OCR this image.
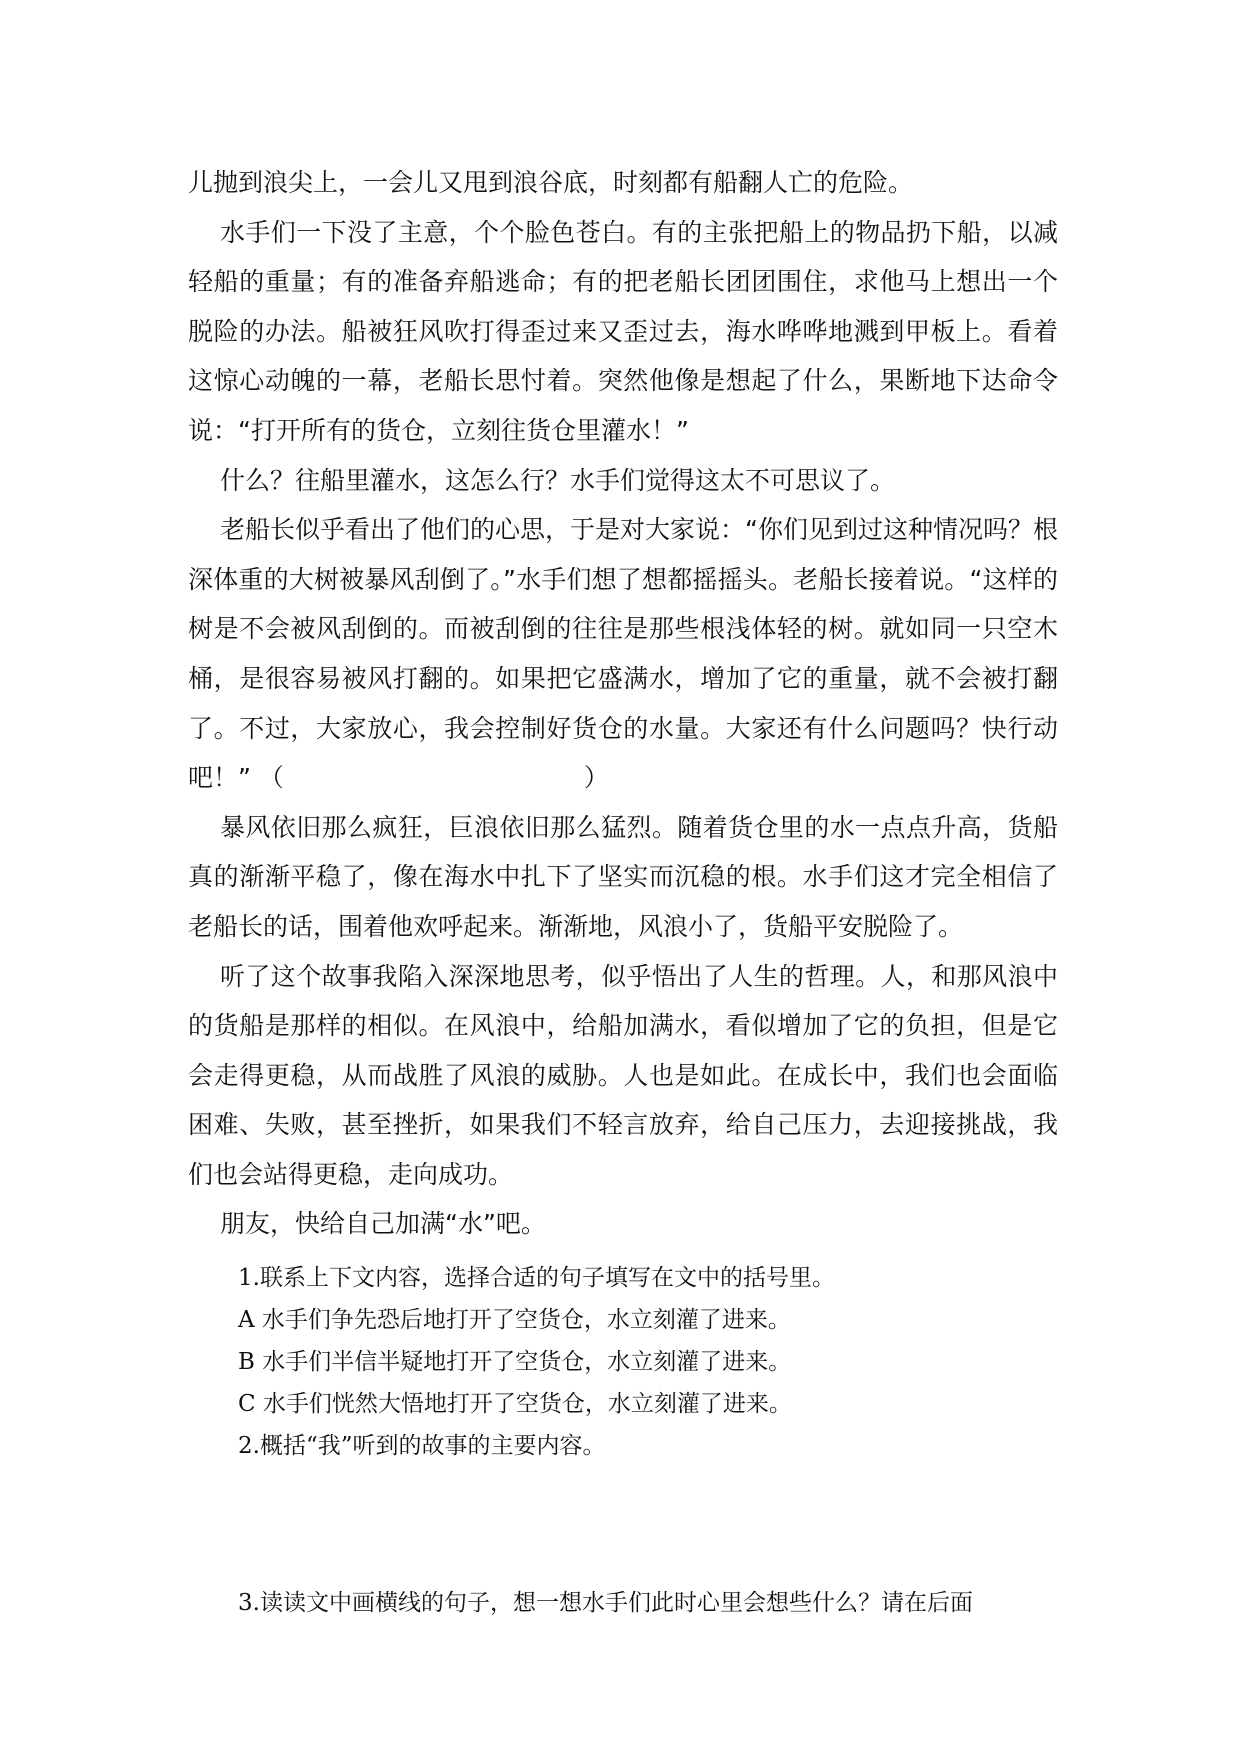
儿抛到浪尖上，一会儿又甩到浪谷底，时刻都有船翻人亡的危险。

水手们一下没了主意，个个脸色苍白。有的主张把船上的物品扔下船，以减轻船的重量；有的准备弃船逃命；有的把老船长团团围住，求他马上想出一个脱险的办法。船被狂风吹打得歪过来又歪过去，海水哗哗地溅到甲板上。看着这惊心动魄的一幕，老船长思忖着。突然他像是想起了什么，果断地下达命令说：“打开所有的货仓，立刻往货仓里灌水！”

什么？往船里灌水，这怎么行？水手们觉得这太不可思议了。

老船长似乎看出了他们的心思，于是对大家说：“你们见到过这种情况吗？根深体重的大树被暴风刮倒了。”水手们想了想都摇摇头。老船长接着说。“这样的树是不会被风刮倒的。而被刮倒的往往是那些根浅体轻的树。就如同一只空木桶，是很容易被风打翻的。如果把它盛满水，增加了它的重量，就不会被打翻了。不过，大家放心，我会控制好货仓的水量。大家还有什么问题吗？快行动吧！” （	）

暴风依旧那么疯狂，巨浪依旧那么猛烈。随着货仓里的水一点点升高，货船真的渐渐平稳了，像在海水中扎下了坚实而沉稳的根。水手们这才完全相信了老船长的话，围着他欢呼起来。渐渐地，风浪小了，货船平安脱险了。

听了这个故事我陷入深深地思考，似乎悟出了人生的哲理。人，和那风浪中的货船是那样的相似。在风浪中，给船加满水，看似增加了它的负担，但是它会走得更稳，从而战胜了风浪的威胁。人也是如此。在成长中，我们也会面临困难、失败，甚至挫折，如果我们不轻言放弃，给自己压力，去迎接挑战，我们也会站得更稳，走向成功。

朋友，快给自己加满“水”吧。

1.联系上下文内容，选择合适的句子填写在文中的括号里。

A 水手们争先恐后地打开了空货仓，水立刻灌了进来。

B 水手们半信半疑地打开了空货仓，水立刻灌了进来。

C 水手们恍然大悟地打开了空货仓，水立刻灌了进来。

2.概括“我”听到的故事的主要内容。

3.读读文中画横线的句子，想一想水手们此时心里会想些什么？请在后面
